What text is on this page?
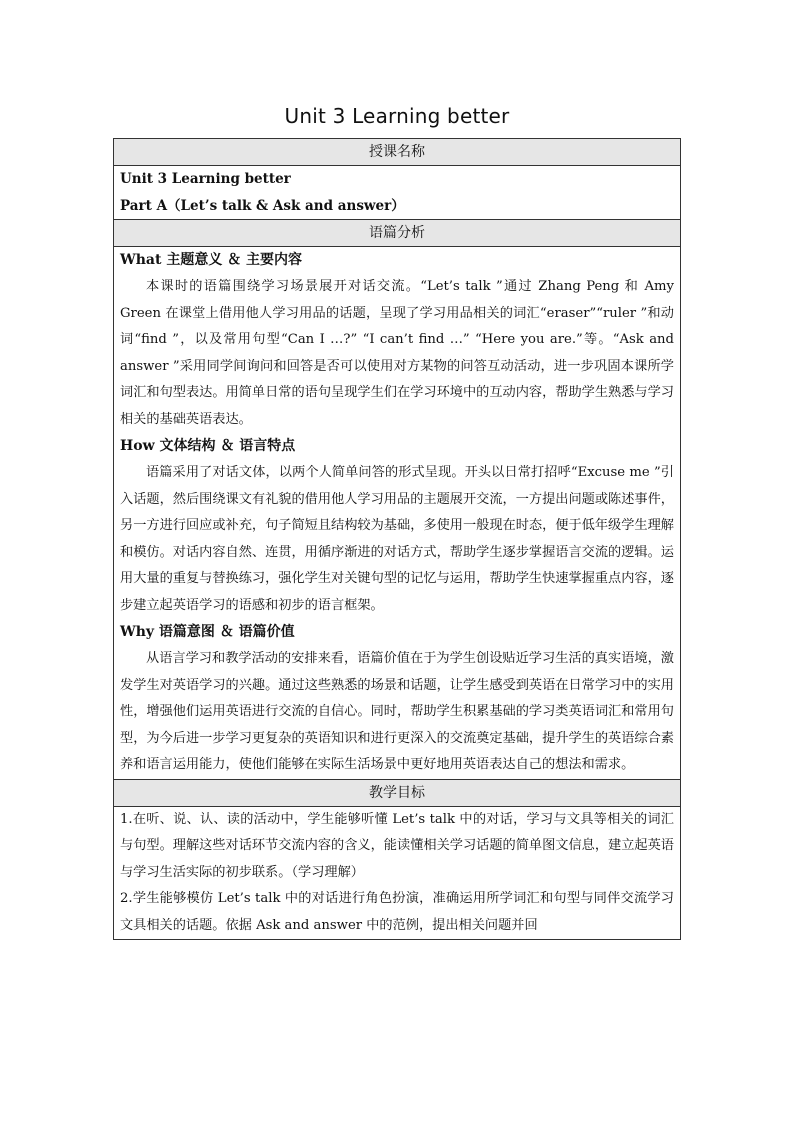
Unit 3 Learning better
授课名称
Unit 3 Learning better
Part A（Let’s talk & Ask and answer）
语篇分析
What 主题意义 ＆ 主要内容

本课时的语篇围绕学习场景展开对话交流。“Let’s talk ”通过 Zhang Peng 和 Amy Green 在课堂上借用他人学习用品的话题，呈现了学习用品相关的词汇“eraser”“ruler ”和动词“find ”，以及常用句型“Can I …?” “I can’t find …” “Here you are.”等。“Ask and answer ”采用同学间询问和回答是否可以使用对方某物的问答互动活动，进一步巩固本课所学词汇和句型表达。用简单日常的语句呈现学生们在学习环境中的互动内容，帮助学生熟悉与学习相关的基础英语表达。

How 文体结构 ＆ 语言特点

语篇采用了对话文体，以两个人简单问答的形式呈现。开头以日常打招呼“Excuse me ”引入话题，然后围绕课文有礼貌的借用他人学习用品的主题展开交流，一方提出问题或陈述事件，另一方进行回应或补充，句子简短且结构较为基础，多使用一般现在时态，便于低年级学生理解和模仿。对话内容自然、连贯，用循序渐进的对话方式，帮助学生逐步掌握语言交流的逻辑。运用大量的重复与替换练习，强化学生对关键句型的记忆与运用，帮助学生快速掌握重点内容，逐步建立起英语学习的语感和初步的语言框架。

Why 语篇意图 ＆ 语篇价值

从语言学习和教学活动的安排来看，语篇价值在于为学生创设贴近学习生活的真实语境，激发学生对英语学习的兴趣。通过这些熟悉的场景和话题，让学生感受到英语在日常学习中的实用性，增强他们运用英语进行交流的自信心。同时，帮助学生积累基础的学习类英语词汇和常用句型，为今后进一步学习更复杂的英语知识和进行更深入的交流奠定基础，提升学生的英语综合素养和语言运用能力，使他们能够在实际生活场景中更好地用英语表达自己的想法和需求。

教学目标

1.在听、说、认、读的活动中，学生能够听懂 Let’s talk 中的对话，学习与文具等相关的词汇与句型。理解这些对话环节交流内容的含义，能读懂相关学习话题的简单图文信息，建立起英语与学习生活实际的初步联系。（学习理解）

2.学生能够模仿 Let’s talk 中的对话进行角色扮演，准确运用所学词汇和句型与同伴交流学习文具相关的话题。依据 Ask and answer 中的范例，提出相关问题并回
